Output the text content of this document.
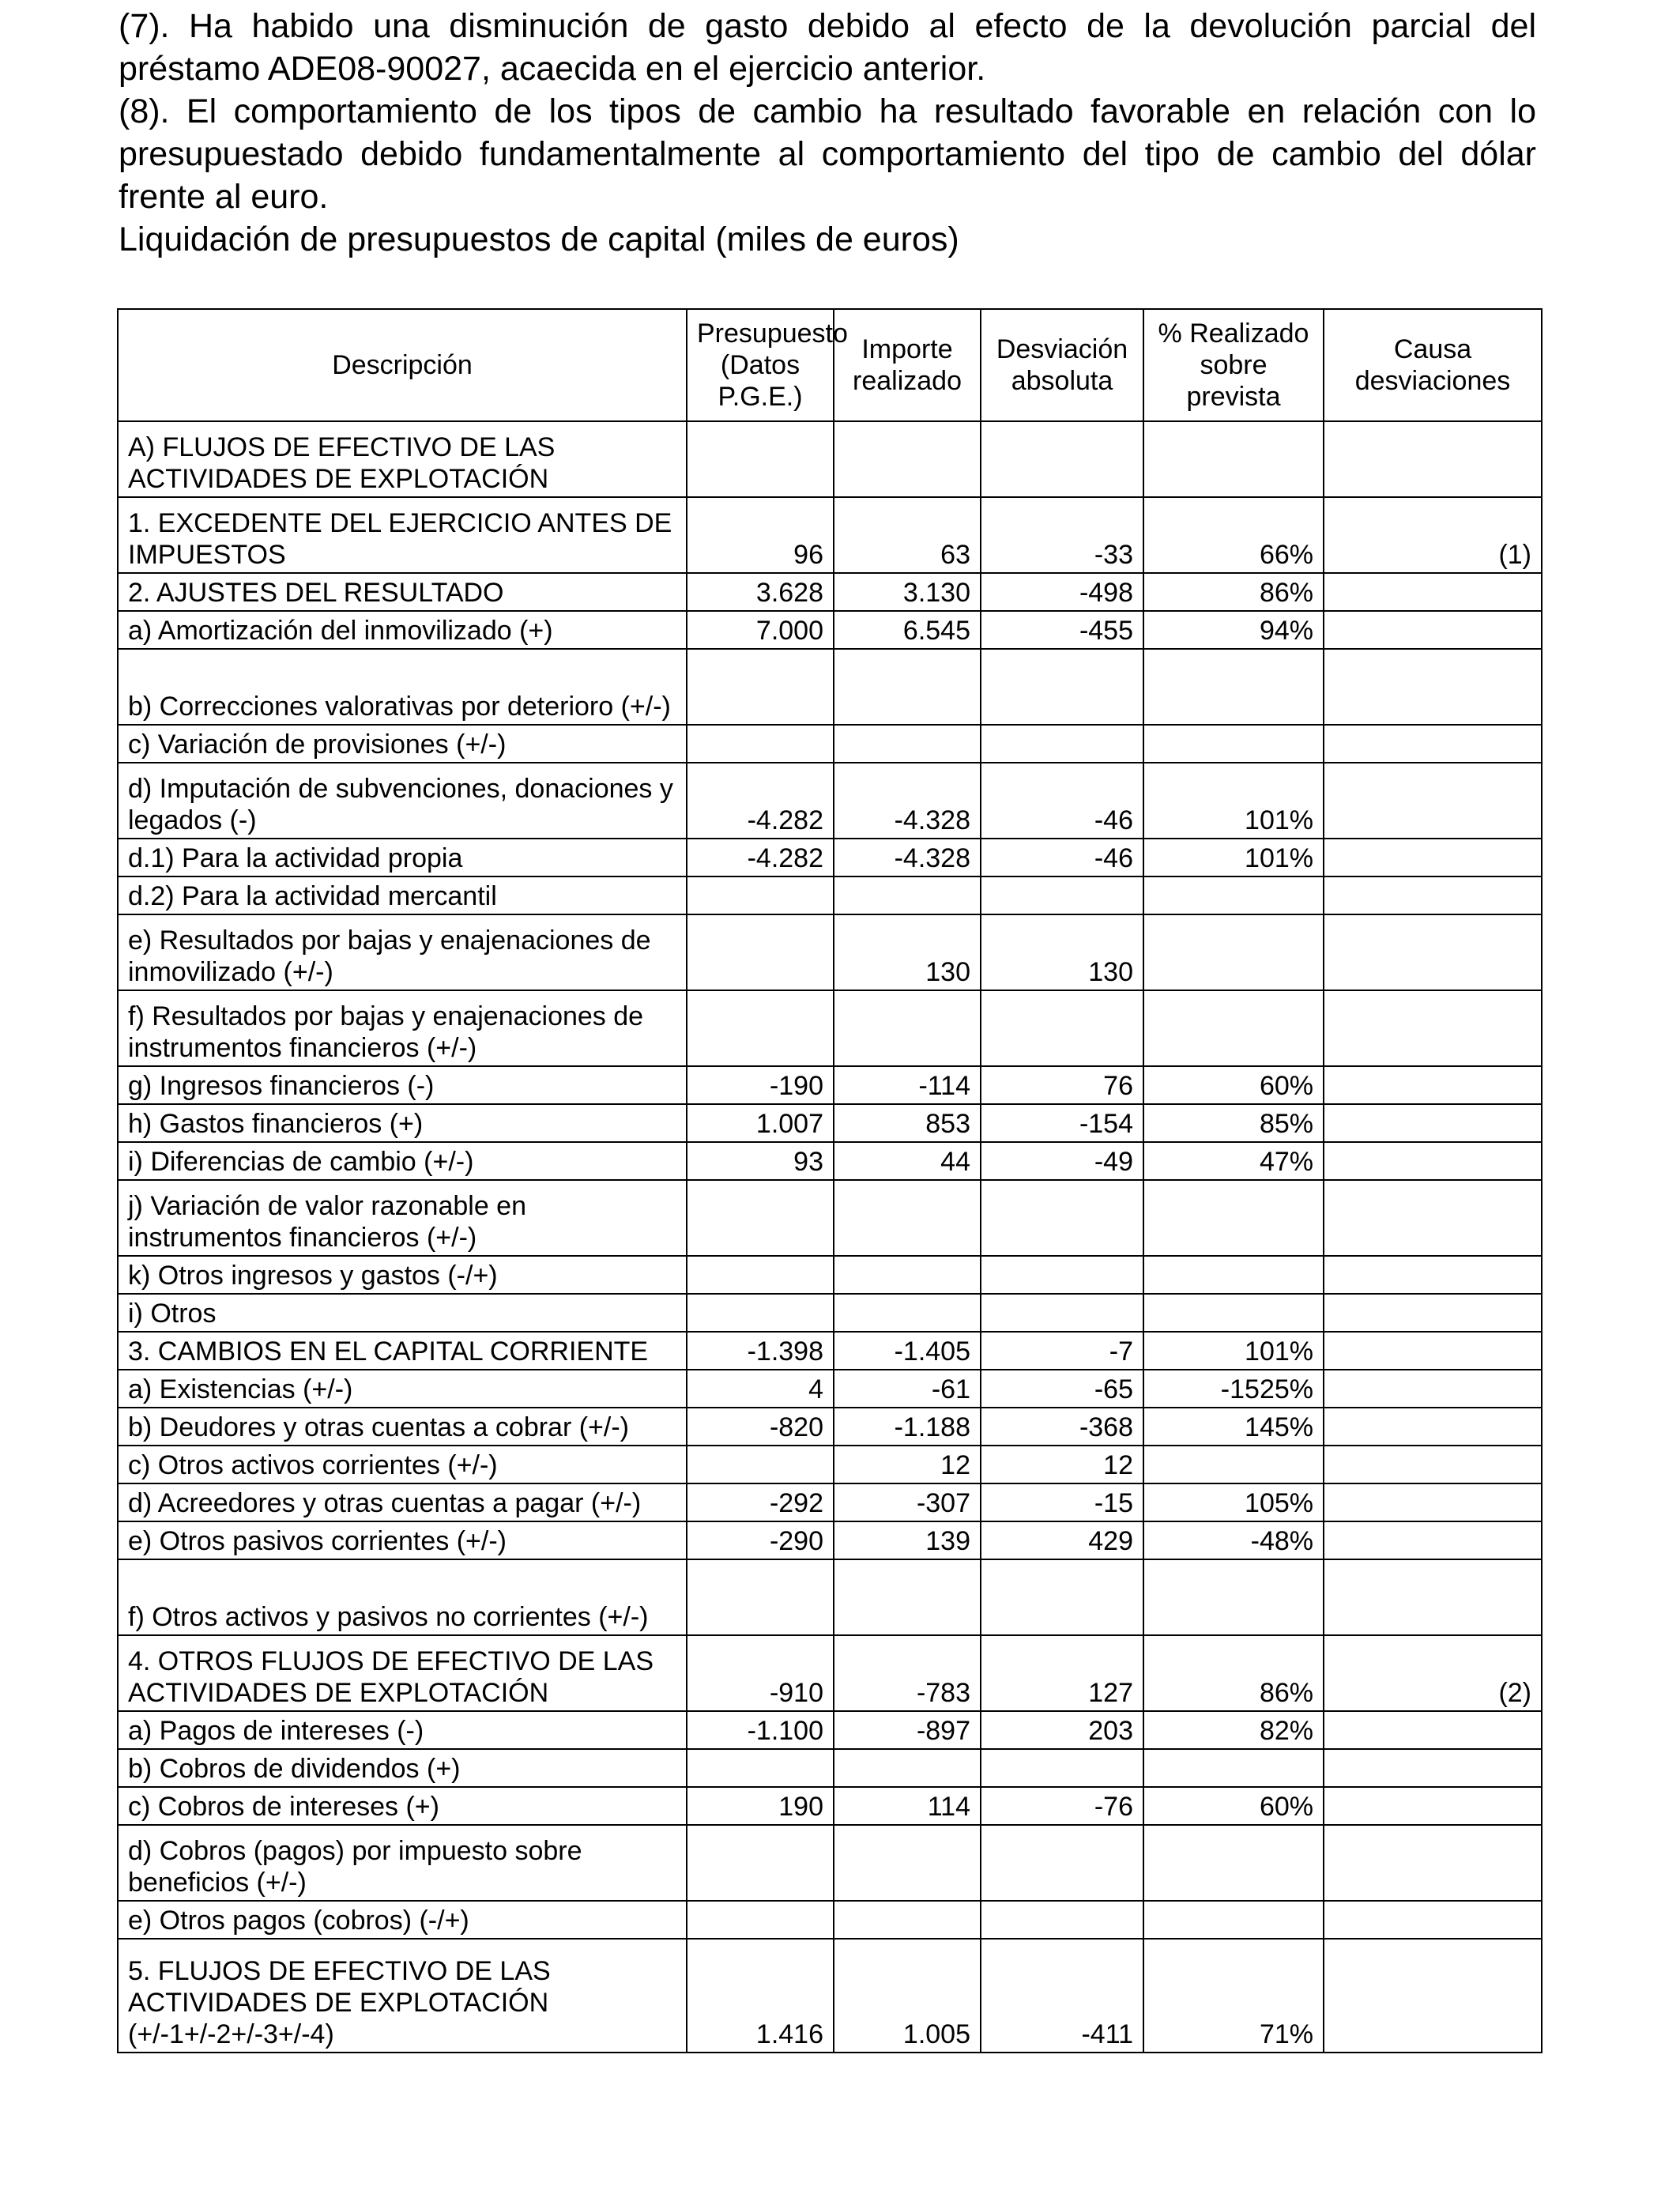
(7). Ha habido una disminución de gasto debido al efecto de la devolución parcial del préstamo ADE08-90027, acaecida en el ejercicio anterior.

(8). El comportamiento de los tipos de cambio ha resultado favorable en relación con lo presupuestado debido fundamentalmente al comportamiento del tipo de cambio del dólar frente al euro.

Liquidación de presupuestos de capital (miles de euros)

Descripción	Presupuesto (Datos P.G.E.)	Importe realizado	Desviación absoluta	% Realizado sobre prevista	Causa desviaciones
A) FLUJOS DE EFECTIVO DE LAS ACTIVIDADES DE EXPLOTACIÓN					
1. EXCEDENTE DEL EJERCICIO ANTES DE IMPUESTOS	96	63	-33	66%	(1)
2. AJUSTES DEL RESULTADO	3.628	3.130	-498	86%	
a) Amortización del inmovilizado (+)	7.000	6.545	-455	94%	
b) Correcciones valorativas por deterioro (+/-)					
c) Variación de provisiones (+/-)					
d) Imputación de subvenciones, donaciones y legados (-)	-4.282	-4.328	-46	101%	
d.1) Para la actividad propia	-4.282	-4.328	-46	101%	
d.2) Para la actividad mercantil					
e) Resultados por bajas y enajenaciones de inmovilizado (+/-)		130	130		
f) Resultados por bajas y enajenaciones de instrumentos financieros (+/-)					
g) Ingresos financieros (-)	-190	-114	76	60%	
h) Gastos financieros (+)	1.007	853	-154	85%	
i) Diferencias de cambio (+/-)	93	44	-49	47%	
j) Variación de valor razonable en instrumentos financieros (+/-)					
k) Otros ingresos y gastos (-/+)					
i) Otros					
3. CAMBIOS EN EL CAPITAL CORRIENTE	-1.398	-1.405	-7	101%	
a) Existencias (+/-)	4	-61	-65	-1525%	
b) Deudores y otras cuentas a cobrar (+/-)	-820	-1.188	-368	145%	
c) Otros activos corrientes (+/-)		12	12		
d) Acreedores y otras cuentas a pagar (+/-)	-292	-307	-15	105%	
e) Otros pasivos corrientes (+/-)	-290	139	429	-48%	
f) Otros activos y pasivos no corrientes (+/-)					
4. OTROS FLUJOS DE EFECTIVO DE LAS ACTIVIDADES DE EXPLOTACIÓN	-910	-783	127	86%	(2)
a) Pagos de intereses (-)	-1.100	-897	203	82%	
b) Cobros de dividendos (+)					
c) Cobros de intereses (+)	190	114	-76	60%	
d) Cobros (pagos) por impuesto sobre beneficios (+/-)					
e) Otros pagos (cobros) (-/+)					
5. FLUJOS DE EFECTIVO DE LAS ACTIVIDADES DE EXPLOTACIÓN (+/-1+/-2+/-3+/-4)	1.416	1.005	-411	71%	
